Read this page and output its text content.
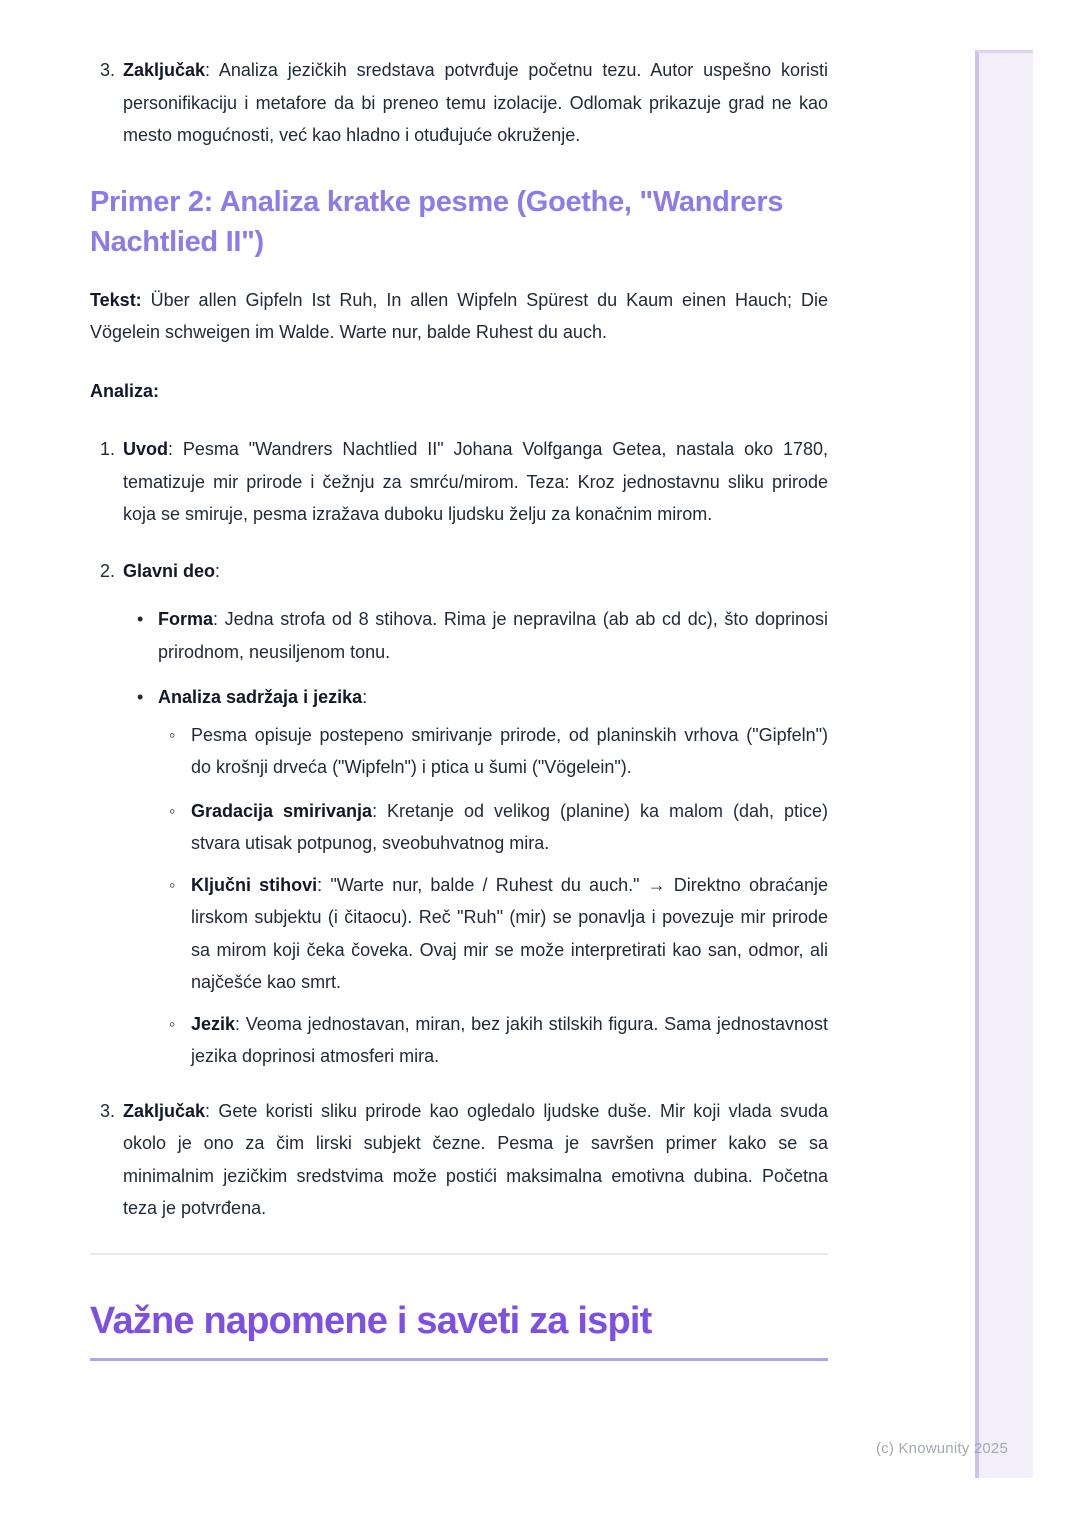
3. Zaključak: Analiza jezičkih sredstava potvrđuje početnu tezu. Autor uspešno koristi personifikaciju i metafore da bi preneo temu izolacije. Odlomak prikazuje grad ne kao mesto mogućnosti, već kao hladno i otuđujuće okruženje.
Primer 2: Analiza kratke pesme (Goethe, "Wandrers Nachtlied II")

Tekst: Über allen Gipfeln Ist Ruh, In allen Wipfeln Spürest du Kaum einen Hauch; Die Vögelein schweigen im Walde. Warte nur, balde Ruhest du auch.

Analiza:

1. Uvod: Pesma "Wandrers Nachtlied II" Johana Volfganga Getea, nastala oko 1780, tematizuje mir prirode i čežnju za smrću/mirom. Teza: Kroz jednostavnu sliku prirode koja se smiruje, pesma izražava duboku ljudsku želju za konačnim mirom.
2. Glavni deo:
• Forma: Jedna strofa od 8 stihova. Rima je nepravilna (ab ab cd dc), što doprinosi prirodnom, neusiljenom tonu.
• Analiza sadržaja i jezika:
◦ Pesma opisuje postepeno smirivanje prirode, od planinskih vrhova ("Gipfeln") do krošnji drveća ("Wipfeln") i ptica u šumi ("Vögelein").
◦ Gradacija smirivanja: Kretanje od velikog (planine) ka malom (dah, ptice) stvara utisak potpunog, sveobuhvatnog mira.
◦ Ključni stihovi: "Warte nur, balde / Ruhest du auch." → Direktno obraćanje lirskom subjektu (i čitaocu). Reč "Ruh" (mir) se ponavlja i povezuje mir prirode sa mirom koji čeka čoveka. Ovaj mir se može interpretirati kao san, odmor, ali najčešće kao smrt.
◦ Jezik: Veoma jednostavan, miran, bez jakih stilskih figura. Sama jednostavnost jezika doprinosi atmosferi mira.
3. Zaključak: Gete koristi sliku prirode kao ogledalo ljudske duše. Mir koji vlada svuda okolo je ono za čim lirski subjekt čezne. Pesma je savršen primer kako se sa minimalnim jezičkim sredstvima može postići maksimalna emotivna dubina. Početna teza je potvrđena.
Važne napomene i saveti za ispit
(c) Knowunity 2025
